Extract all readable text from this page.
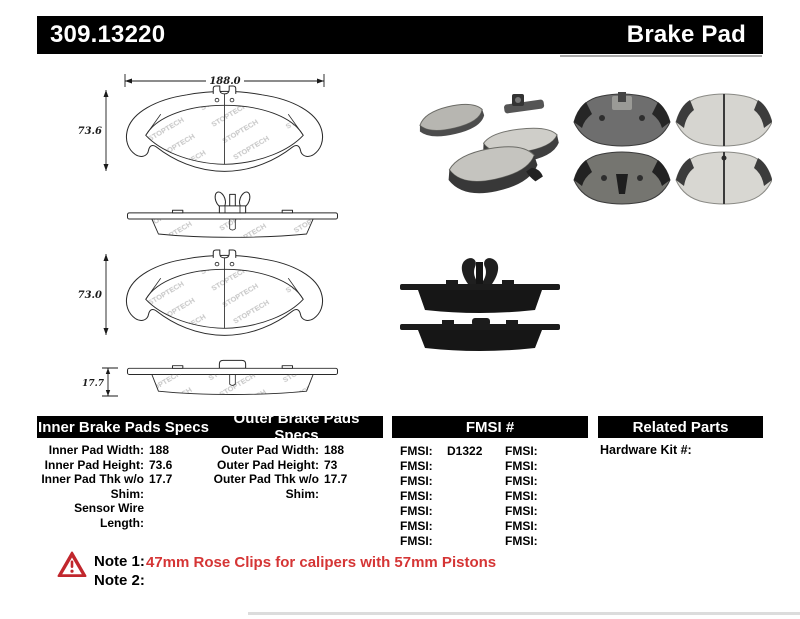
309.13220	Brake Pad
188.0
73.6
73.0
17.7
Inner Brake Pads Specs	Outer Brake Pads Specs	FMSI #	Related Parts
Inner Pad Width: 188
Inner Pad Height: 73.6
Inner Pad Thk w/o Shim:
17.7
Sensor Wire Length:
Outer Pad Width: 188
Outer Pad Height: 73
Outer Pad Thk w/o Shim:
17.7
FMSI: D1322
FMSI:
FMSI:
FMSI:
FMSI:
FMSI:
FMSI:
FMSI:
FMSI:
FMSI:
FMSI:
FMSI:
FMSI:
FMSI:
Hardware Kit #:
Note 1: 47mm Rose Clips for calipers with 57mm Pistons
Note 2:
